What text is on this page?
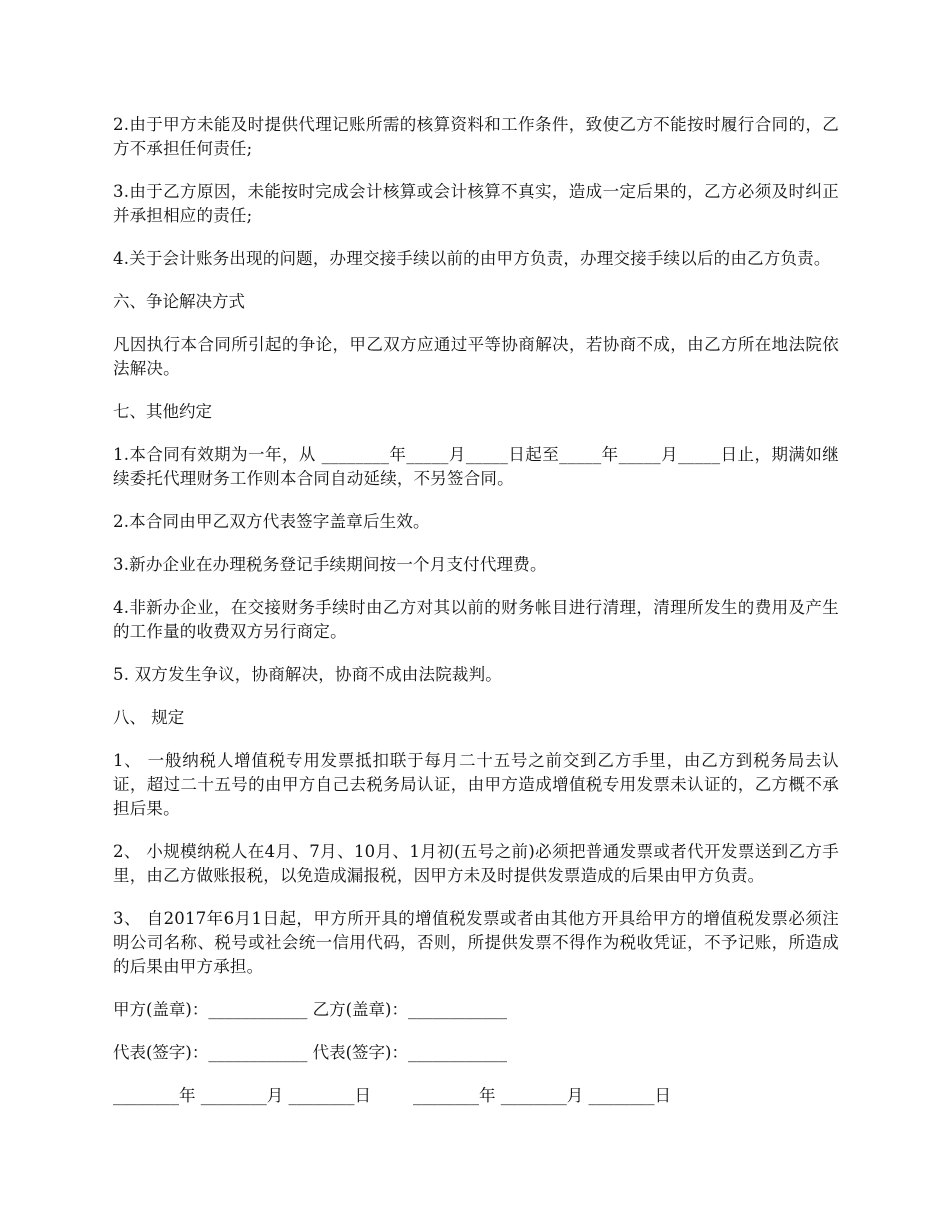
2.由于甲方未能及时提供代理记账所需的核算资料和工作条件，致使乙方不能按时履行合同的，乙方不承担任何责任;

3.由于乙方原因，未能按时完成会计核算或会计核算不真实，造成一定后果的，乙方必须及时纠正并承担相应的责任;

4.关于会计账务出现的问题，办理交接手续以前的由甲方负责，办理交接手续以后的由乙方负责。

六、争论解决方式

凡因执行本合同所引起的争论，甲乙双方应通过平等协商解决，若协商不成，由乙方所在地法院依法解决。

七、其他约定

1.本合同有效期为一年，从 ________年_____月_____日起至_____年_____月_____日止，期满如继续委托代理财务工作则本合同自动延续，不另签合同。

2.本合同由甲乙双方代表签字盖章后生效。

3.新办企业在办理税务登记手续期间按一个月支付代理费。

4.非新办企业，在交接财务手续时由乙方对其以前的财务帐目进行清理，清理所发生的费用及产生的工作量的收费双方另行商定。

5. 双方发生争议，协商解决，协商不成由法院裁判。

八、 规定

1、 一般纳税人增值税专用发票抵扣联于每月二十五号之前交到乙方手里，由乙方到税务局去认证，超过二十五号的由甲方自己去税务局认证，由甲方造成增值税专用发票未认证的，乙方概不承担后果。

2、 小规模纳税人在4月、7月、10月、1月初(五号之前)必须把普通发票或者代开发票送到乙方手里，由乙方做账报税，以免造成漏报税，因甲方未及时提供发票造成的后果由甲方负责。

3、 自2017年6月1日起，甲方所开具的增值税发票或者由其他方开具给甲方的增值税发票必须注明公司名称、税号或社会统一信用代码，否则，所提供发票不得作为税收凭证，不予记账，所造成的后果由甲方承担。

甲方(盖章)：____________ 乙方(盖章)：____________

代表(签字)：____________ 代表(签字)：____________

________年 ________月 ________日        ________年 ________月 ________日
